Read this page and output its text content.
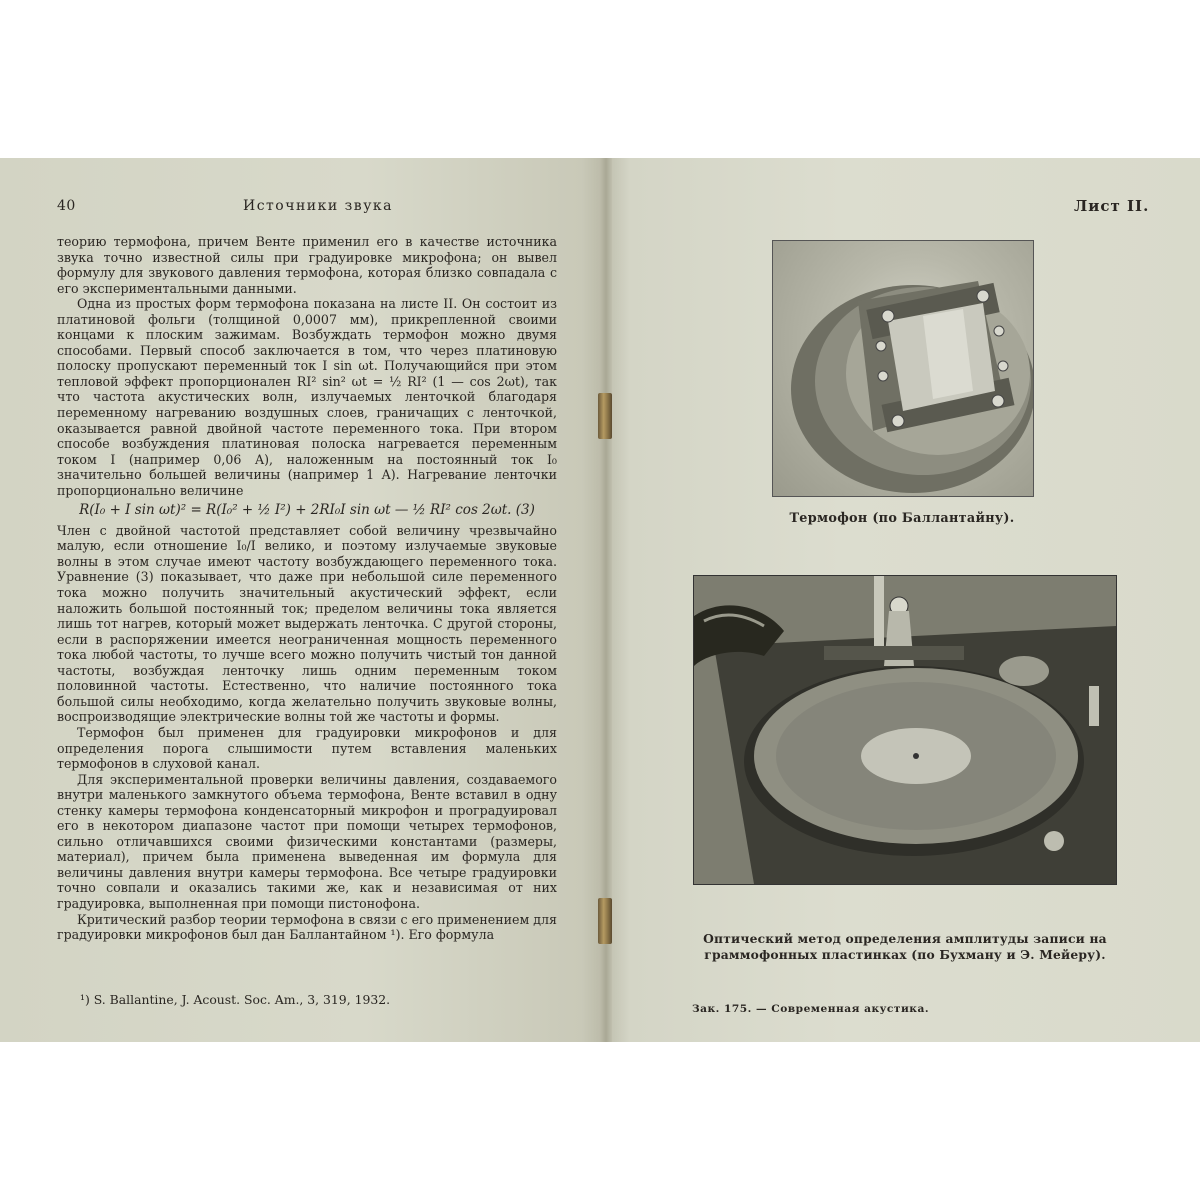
40	Источники звука

теорию термофона, причем Венте применил его в качестве источника звука точно известной силы при градуировке микрофона; он вывел формулу для звукового давления термофона, которая близко совпадала с его экспериментальными данными.

Одна из простых форм термофона показана на листе II. Он состоит из платиновой фольги (толщиной 0,0007 мм), прикрепленной своими концами к плоским зажимам. Возбуждать термофон можно двумя способами. Первый способ заключается в том, что через платиновую полоску пропускают переменный ток I sin ωt. Получающийся при этом тепловой эффект пропорционален RI² sin² ωt = ½ RI² (1 — cos 2ωt), так что частота акустических волн, излучаемых ленточкой благодаря переменному нагреванию воздушных слоев, граничащих с ленточкой, оказывается равной двойной частоте переменного тока. При втором способе возбуждения платиновая полоска нагревается переменным током I (например 0,06 A), наложенным на постоянный ток I₀ значительно большей величины (например 1 A). Нагревание ленточки пропорционально величине

R(I₀ + I sin ωt)² = R(I₀² + ½ I²) + 2RI₀I sin ωt — ½ RI² cos 2ωt. (3)

Член с двойной частотой представляет собой величину чрезвычайно малую, если отношение I₀/I велико, и поэтому излучаемые звуковые волны в этом случае имеют частоту возбуждающего переменного тока. Уравнение (3) показывает, что даже при небольшой силе переменного тока можно получить значительный акустический эффект, если наложить большой постоянный ток; пределом величины тока является лишь тот нагрев, который может выдержать ленточка. С другой стороны, если в распоряжении имеется неограниченная мощность переменного тока любой частоты, то лучше всего можно получить чистый тон данной частоты, возбуждая ленточку лишь одним переменным током половинной частоты. Естественно, что наличие постоянного тока большой силы необходимо, когда желательно получить звуковые волны, воспроизводящие электрические волны той же частоты и формы.

Термофон был применен для градуировки микрофонов и для определения порога слышимости путем вставления маленьких термофонов в слуховой канал.

Для экспериментальной проверки величины давления, создаваемого внутри маленького замкнутого объема термофона, Венте вставил в одну стенку камеры термофона конденсаторный микрофон и проградуировал его в некотором диапазоне частот при помощи четырех термофонов, сильно отличавшихся своими физическими константами (размеры, материал), причем была применена выведенная им формула для величины давления внутри камеры термофона. Все четыре градуировки точно совпали и оказались такими же, как и независимая от них градуировка, выполненная при помощи пистонофона.

Критический разбор теории термофона в связи с его применением для градуировки микрофонов был дан Баллантайном ¹). Его формула

¹) S. Ballantine, J. Acoust. Soc. Am., 3, 319, 1932.
Лист II.
Термофон (по Баллантайну).
Оптический метод определения амплитуды записи на граммофонных пластинках (по Бухману и Э. Мейеру).
Зак. 175. — Современная акустика.
